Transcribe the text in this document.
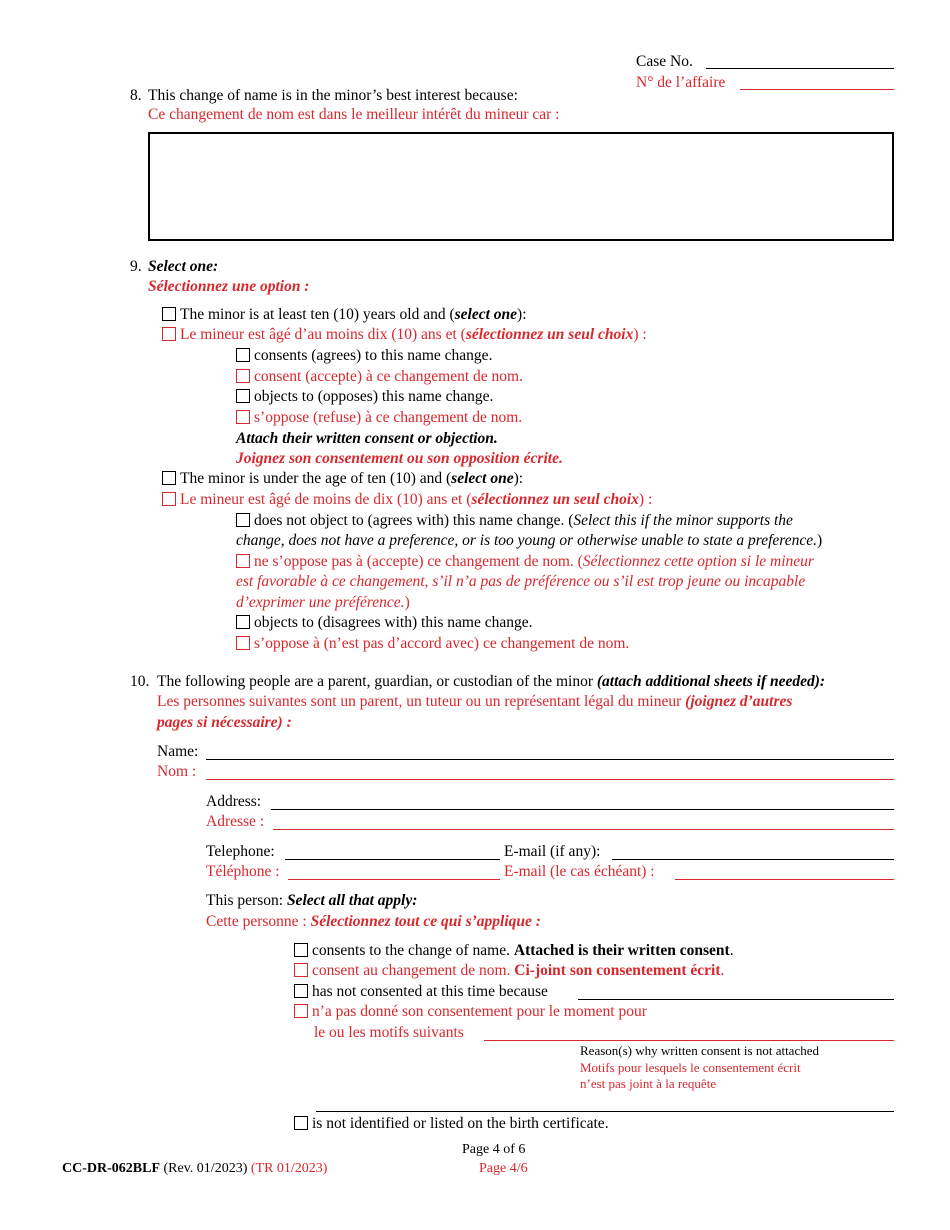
Case No.
N° de l’affaire
8. This change of name is in the minor’s best interest because:
Ce changement de nom est dans le meilleur intérêt du mineur car :
9. Select one:
Sélectionnez une option :
The minor is at least ten (10) years old and (select one):
Le mineur est âgé d’au moins dix (10) ans et (sélectionnez un seul choix) :
consents (agrees) to this name change.
consent (accepte) à ce changement de nom.
objects to (opposes) this name change.
s’oppose (refuse) à ce changement de nom.
Attach their written consent or objection.
Joignez son consentement ou son opposition écrite.
The minor is under the age of ten (10) and (select one):
Le mineur est âgé de moins de dix (10) ans et (sélectionnez un seul choix) :
does not object to (agrees with) this name change. (Select this if the minor supports the
change, does not have a preference, or is too young or otherwise unable to state a preference.)
ne s’oppose pas à (accepte) ce changement de nom. (Sélectionnez cette option si le mineur
est favorable à ce changement, s’il n’a pas de préférence ou s’il est trop jeune ou incapable
d’exprimer une préférence.)
objects to (disagrees with) this name change.
s’oppose à (n’est pas d’accord avec) ce changement de nom.
10. The following people are a parent, guardian, or custodian of the minor (attach additional sheets if needed):
Les personnes suivantes sont un parent, un tuteur ou un représentant légal du mineur (joignez d’autres
pages si nécessaire) :
Name:
Nom :
Address:
Adresse :
Telephone:	E-mail (if any):
Téléphone :	E-mail (le cas échéant) :
This person: Select all that apply:
Cette personne : Sélectionnez tout ce qui s’applique :
consents to the change of name. Attached is their written consent.
consent au changement de nom. Ci-joint son consentement écrit.
has not consented at this time because
n’a pas donné son consentement pour le moment pour
le ou les motifs suivants
Reason(s) why written consent is not attached
Motifs pour lesquels le consentement écrit
n’est pas joint à la requête
is not identified or listed on the birth certificate.
Page 4 of 6
Page 4/6
CC-DR-062BLF (Rev. 01/2023) (TR 01/2023)
